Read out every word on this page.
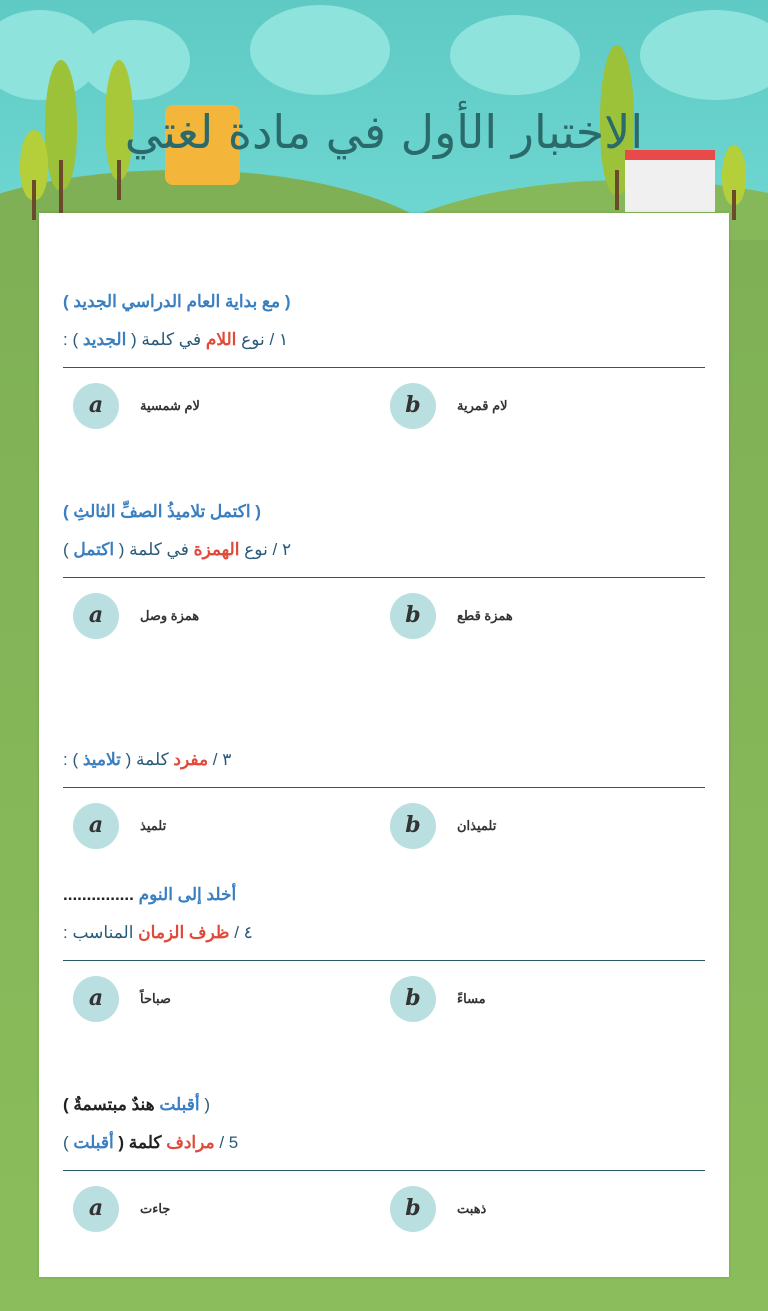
الاختبار الأول في مادة لغتي
( مع بداية العام الدراسي الجديد )
١ / نوع اللام في كلمة ( الجديد ) :
a	لام شمسية	b	لام قمرية
( اكتمل تلاميذُ الصفِّ الثالثِ )
٢ / نوع الهمزة في كلمة ( اكتمل )
a	همزة وصل	b	همزة قطع
٣ / مفرد كلمة ( تلاميذ ) :
a	تلميذ	b	تلميذان
أخلد إلى النوم ...............
٤ / ظرف الزمان المناسب :
a	صباحاً	b	مساءً
( أقبلت هندٌ مبتسمةٌ )
5 / مرادف كلمة ( أقبلت )
a	جاءت	b	ذهبت
